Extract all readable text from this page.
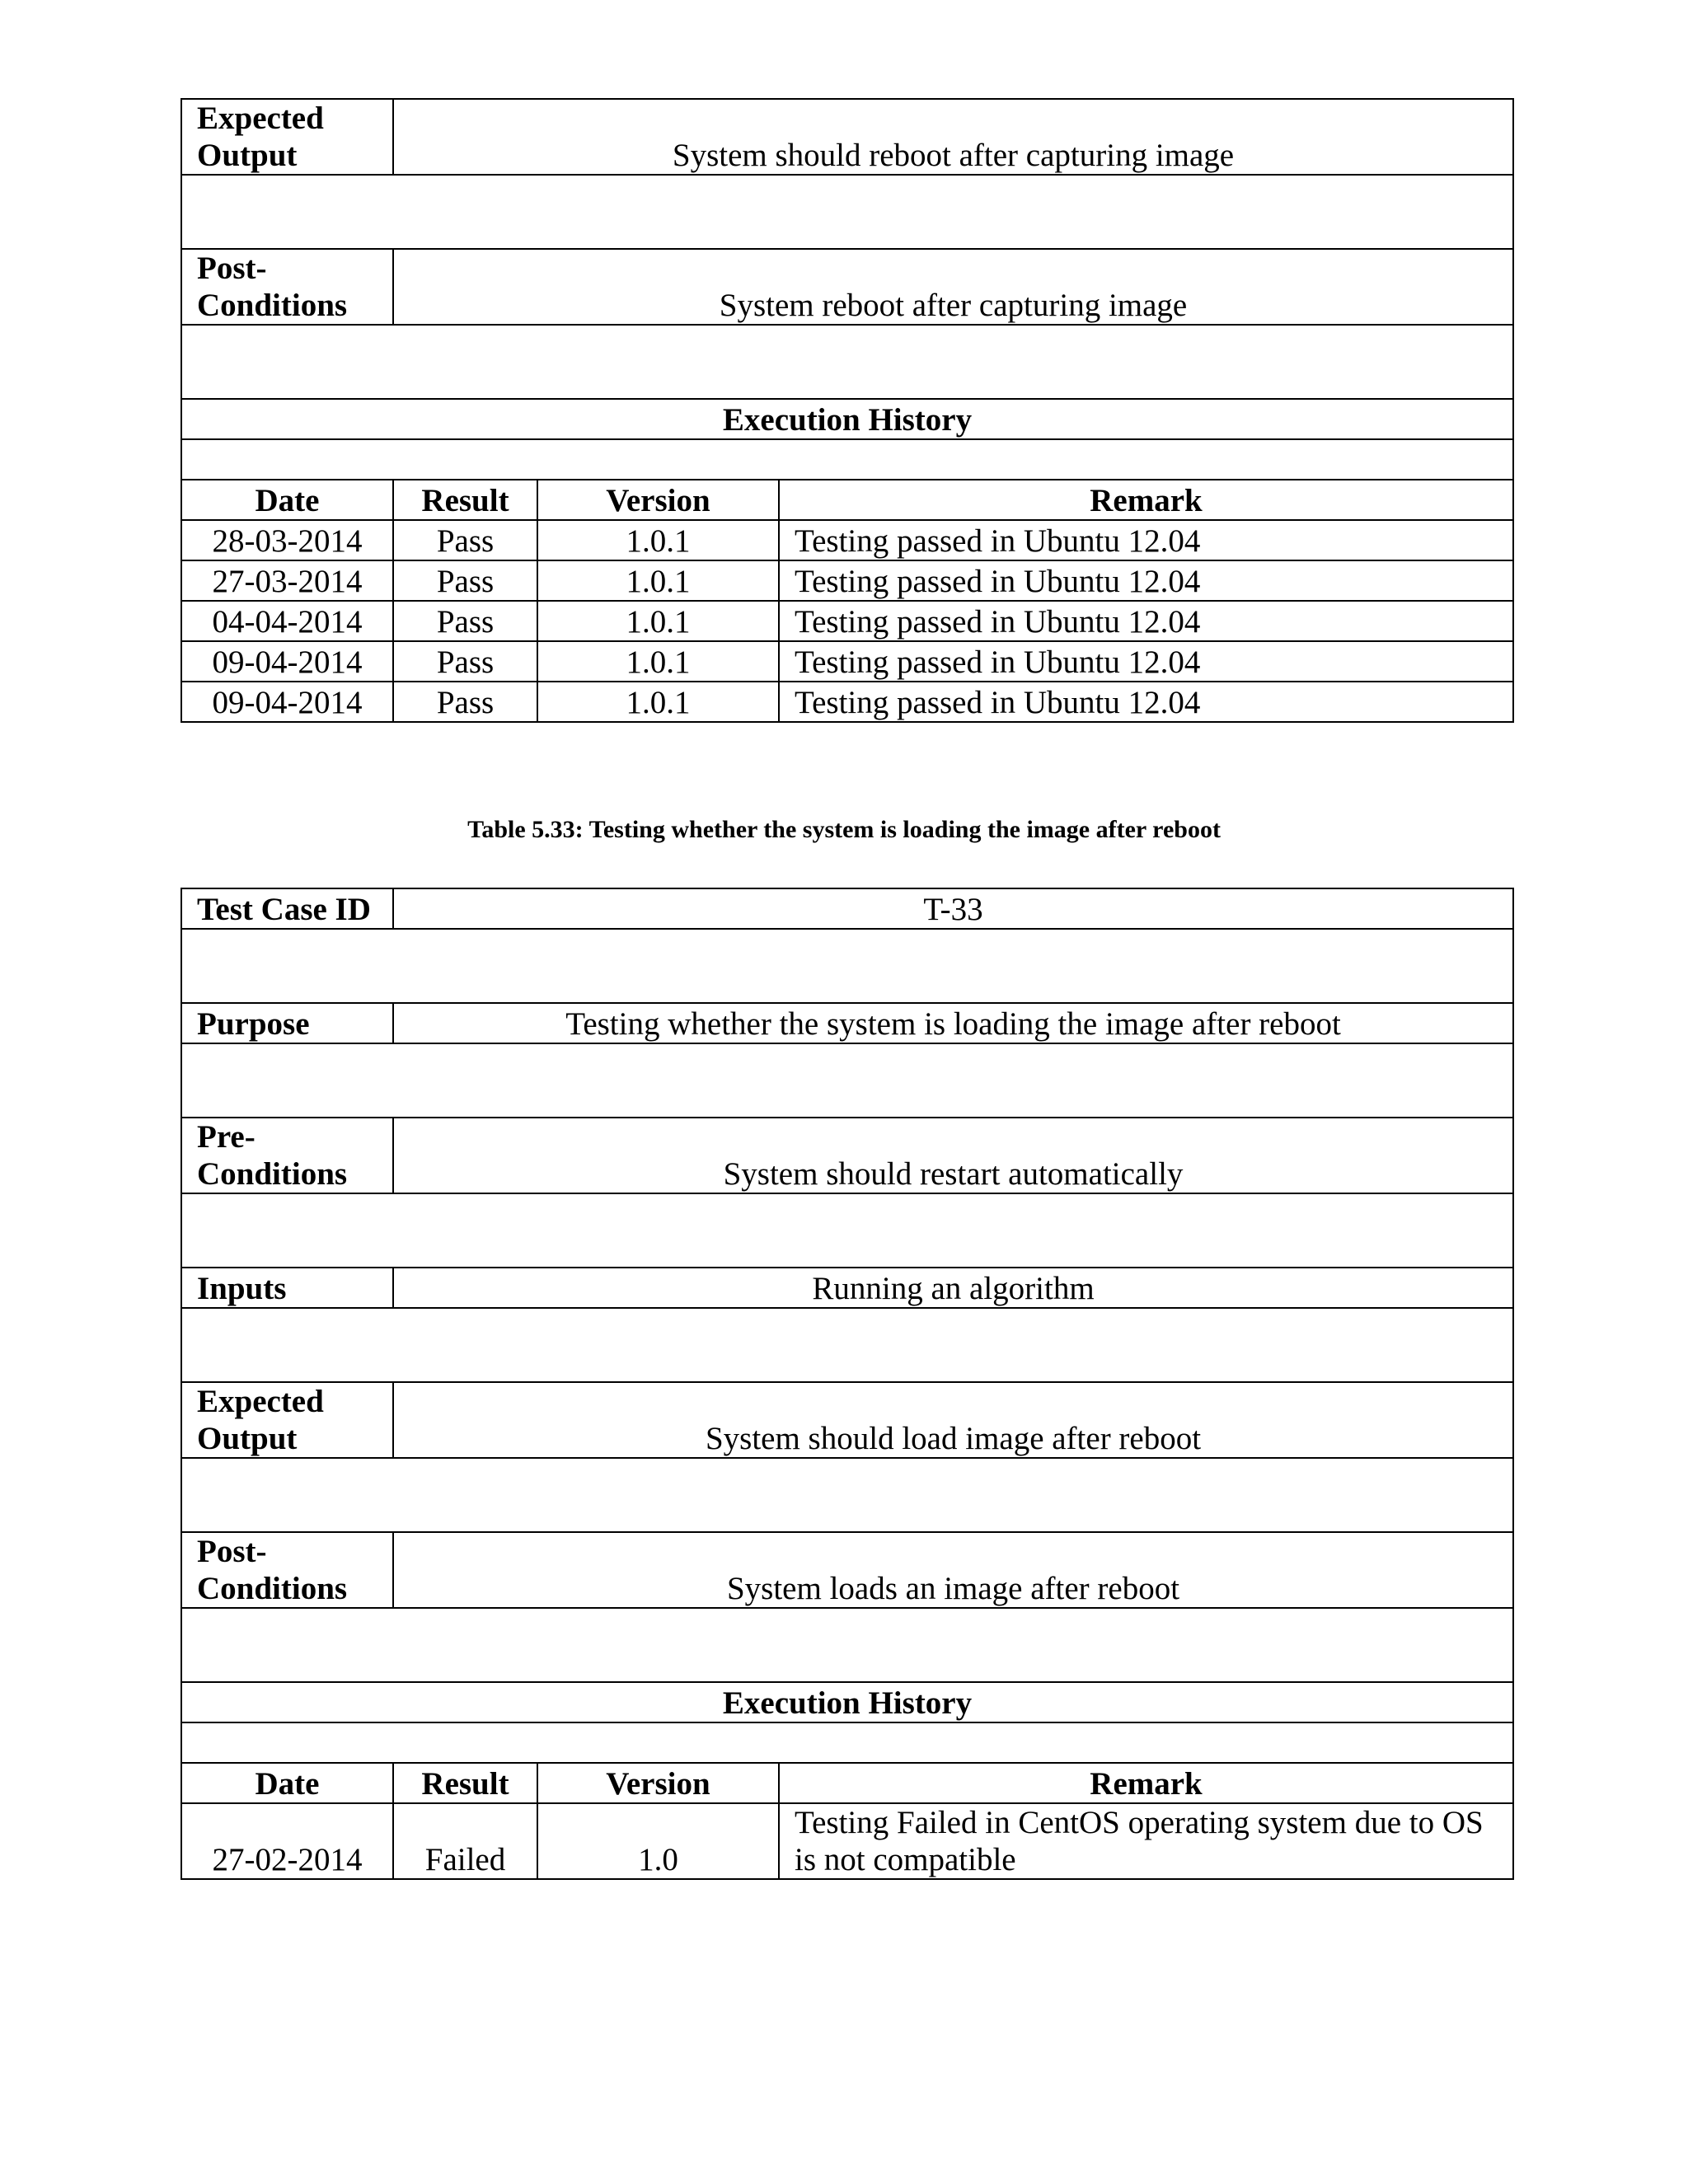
Expected Output	System should reboot after capturing image		

Post-Conditions	System reboot after capturing image		

Execution History			

Date	Result	Version	Remark
28-03-2014	Pass	1.0.1	Testing passed in Ubuntu 12.04
27-03-2014	Pass	1.0.1	Testing passed in Ubuntu 12.04
04-04-2014	Pass	1.0.1	Testing passed in Ubuntu 12.04
09-04-2014	Pass	1.0.1	Testing passed in Ubuntu 12.04
09-04-2014	Pass	1.0.1	Testing passed in Ubuntu 12.04
Table 5.33: Testing whether the system is loading the image after reboot
Test Case ID	T-33		

Purpose	Testing whether the system is loading the image after reboot		

Pre-Conditions	System should restart automatically		

Inputs	Running an algorithm		

Expected Output	System should load image after reboot		

Post-Conditions	System loads an image after reboot		

Execution History			

Date	Result	Version	Remark
27-02-2014	Failed	1.0	Testing Failed in CentOS operating system due to OS is not compatible
